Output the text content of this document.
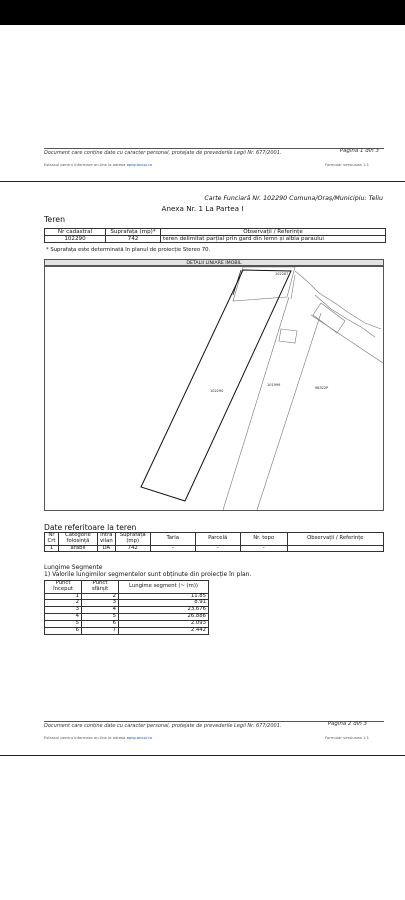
Document care conține date cu caracter personal, protejate de prevederile Legii Nr. 677/2001.	Pagina 1 din 3
Estrasul pentru informare on-line la adresa epay.ancpi.ro	Formular versiunea 1.1
Carte Funciară Nr. 102290 Comuna/Oraș/Municipiu: Teliu
Anexa Nr. 1 La Partea I
Teren
Nr cadastral	Suprafața (mp)*	Observații / Referințe
102290	742	teren delimitat parțial prin gard din lemn și albia paraului
* Suprafața este determinată în planul de proiecție Stereo 70.
DETALII LINIARE IMOBIL
102290
102287
101999
98322P
Date referitoare la teren
Nr Crt	Categorie folosință	Intra vilan	Suprafața (mp)	Tarla	Parcelă	Nr. topo	Observații / Referințe
1	arabil	DA	742	-	-	-	
Lungime Segmente
1) Valorile lungimilor segmentelor sunt obținute din proiecție în plan.
Punct început	Punct sfârșit	Lungime segment (~ (m))
1	2	11.85
2	3	8.91
3	4	23.676
4	5	26.886
5	6	2.093
6	7	2.442
Document care conține date cu caracter personal, protejate de prevederile Legii Nr. 677/2001.	Pagina 2 din 3
Estrasul pentru informare on-line la adresa epay.ancpi.ro	Formular versiunea 1.1
